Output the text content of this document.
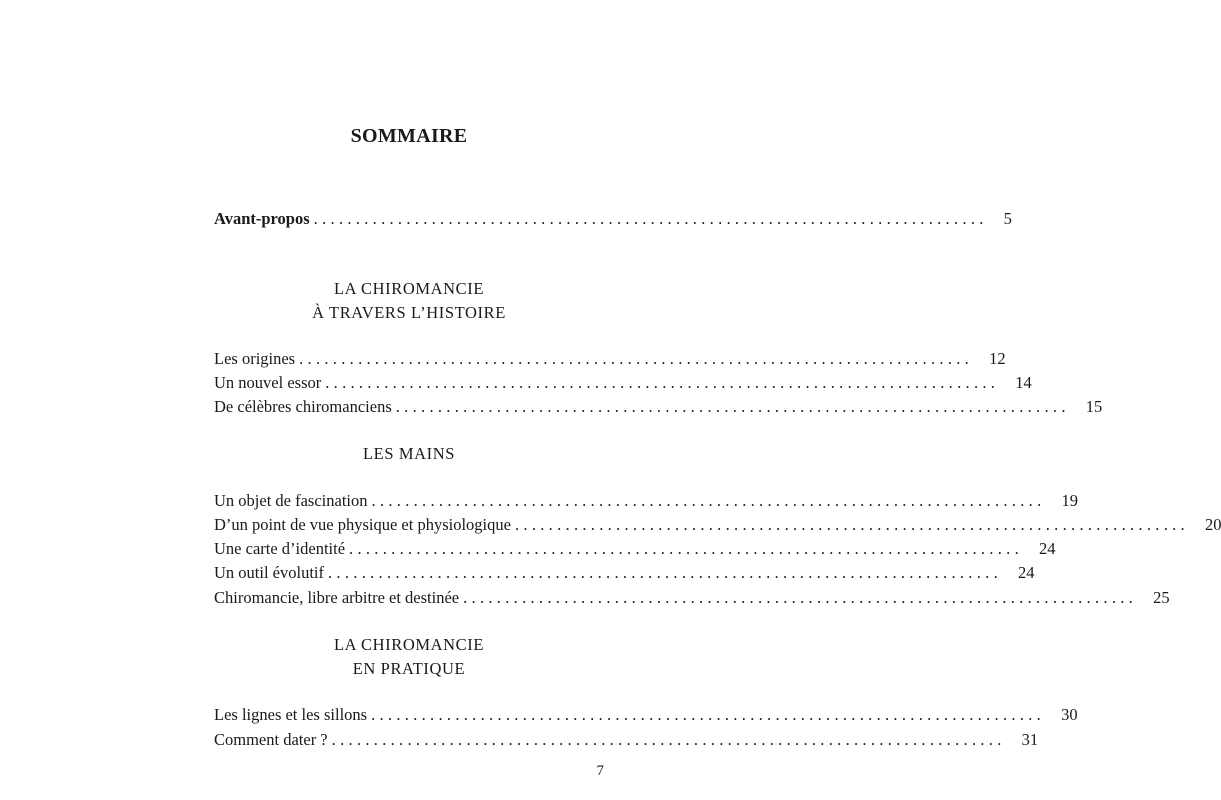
SOMMAIRE
Avant-propos ................................................................................ 5
LA CHIROMANCIE
À TRAVERS L’HISTOIRE
Les origines ................................................................................ 12
Un nouvel essor ................................................................................ 14
De célèbres chiromanciens ................................................................................ 15
LES MAINS
Un objet de fascination ................................................................................ 19
D’un point de vue physique et physiologique ................................................................................ 20
Une carte d’identité ................................................................................ 24
Un outil évolutif ................................................................................ 24
Chiromancie, libre arbitre et destinée ................................................................................ 25
LA CHIROMANCIE
EN PRATIQUE
Les lignes et les sillons ................................................................................ 30
Comment dater ? ................................................................................ 31
7
